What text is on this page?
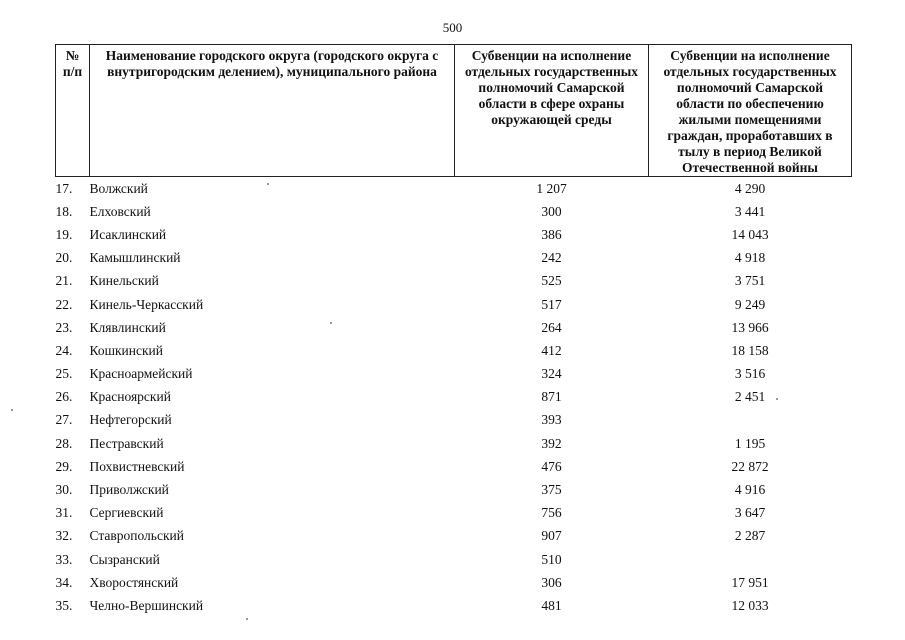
500
№ п/п	Наименование городского округа (городского округа с внутригородским делением), муниципального района	Субвенции на исполнение отдельных государственных полномочий Самарской области в сфере охраны окружающей среды	Субвенции на исполнение отдельных государственных полномочий Самарской области по обеспечению жилыми помещениями граждан, проработавших в тылу в период Великой Отечественной войны
17.	Волжский	1 207	4 290
18.	Елховский	300	3 441
19.	Исаклинский	386	14 043
20.	Камышлинский	242	4 918
21.	Кинельский	525	3 751
22.	Кинель-Черкасский	517	9 249
23.	Клявлинский	264	13 966
24.	Кошкинский	412	18 158
25.	Красноармейский	324	3 516
26.	Красноярский	871	2 451
27.	Нефтегорский	393	
28.	Пестравский	392	1 195
29.	Похвистневский	476	22 872
30.	Приволжский	375	4 916
31.	Сергиевский	756	3 647
32.	Ставропольский	907	2 287
33.	Сызранский	510	
34.	Хворостянский	306	17 951
35.	Челно-Вершинский	481	12 033
